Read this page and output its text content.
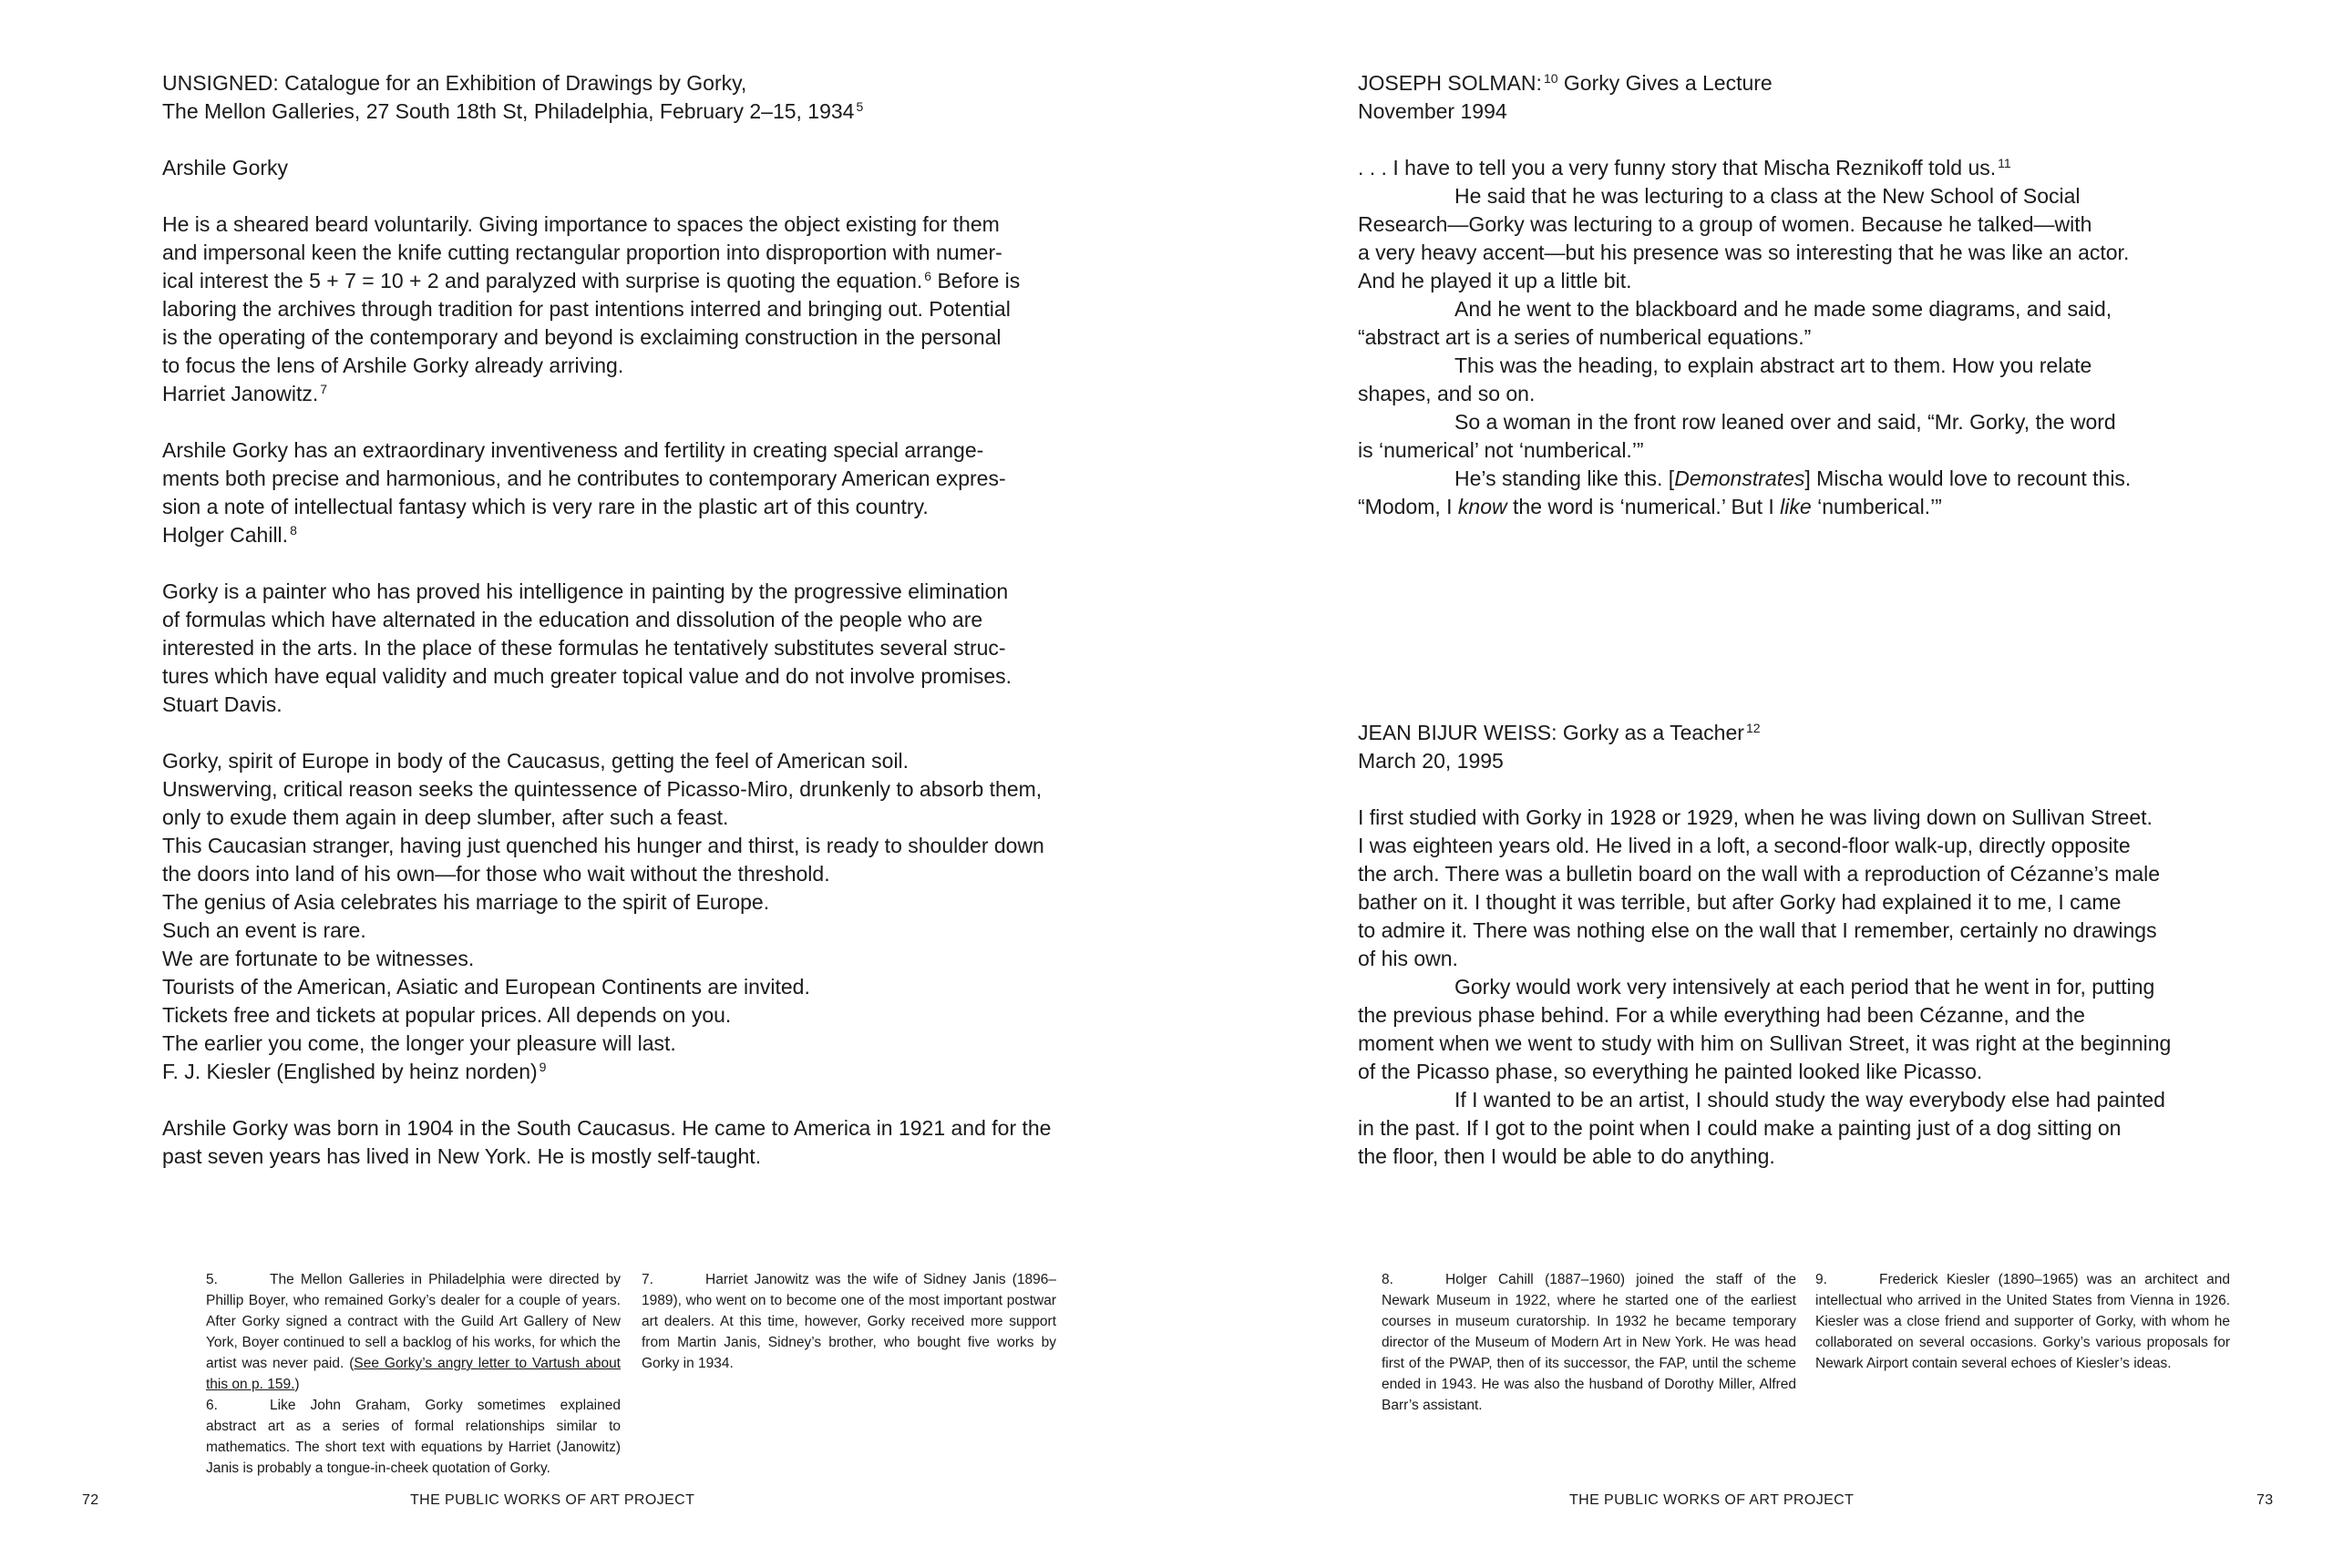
UNSIGNED: Catalogue for an Exhibition of Drawings by Gorky,
The Mellon Galleries, 27 South 18th St, Philadelphia, February 2–15, 1934 $^5$
Arshile Gorky
He is a sheared beard voluntarily. Giving importance to spaces the object existing for them
and impersonal keen the knife cutting rectangular proportion into disproportion with numer-
ical interest the 5 + 7 = 10 + 2 and paralyzed with surprise is quoting the equation. $^6$ Before is
laboring the archives through tradition for past intentions interred and bringing out. Potential
is the operating of the contemporary and beyond is exclaiming construction in the personal
to focus the lens of Arshile Gorky already arriving.
Harriet Janowitz. $^7$
Arshile Gorky has an extraordinary inventiveness and fertility in creating special arrange-
ments both precise and harmonious, and he contributes to contemporary American expres-
sion a note of intellectual fantasy which is very rare in the plastic art of this country.
Holger Cahill. $^8$
Gorky is a painter who has proved his intelligence in painting by the progressive elimination
of formulas which have alternated in the education and dissolution of the people who are
interested in the arts. In the place of these formulas he tentatively substitutes several struc-
tures which have equal validity and much greater topical value and do not involve promises.
Stuart Davis.
Gorky, spirit of Europe in body of the Caucasus, getting the feel of American soil.
Unswerving, critical reason seeks the quintessence of Picasso-Miro, drunkenly to absorb them,
only to exude them again in deep slumber, after such a feast.
This Caucasian stranger, having just quenched his hunger and thirst, is ready to shoulder down
the doors into land of his own—for those who wait without the threshold.
The genius of Asia celebrates his marriage to the spirit of Europe.
Such an event is rare.
We are fortunate to be witnesses.
Tourists of the American, Asiatic and European Continents are invited.
Tickets free and tickets at popular prices. All depends on you.
The earlier you come, the longer your pleasure will last.
F. J. Kiesler (Englished by heinz norden) $^9$
Arshile Gorky was born in 1904 in the South Caucasus. He came to America in 1921 and for the
past seven years has lived in New York. He is mostly self-taught.

5.	The Mellon Galleries in Philadelphia were directed by Phillip Boyer, who remained Gorky’s dealer for a couple of years. After Gorky signed a contract with the Guild Art Gallery of New York, Boyer continued to sell a backlog of his works, for which the artist was never paid. (See Gorky’s angry letter to Vartush about this on p. 159.)

6.	Like John Graham, Gorky sometimes explained abstract art as a series of formal relationships similar to mathematics. The short text with equations by Harriet (Janowitz) Janis is probably a tongue-in-cheek quotation of Gorky.

7.	Harriet Janowitz was the wife of Sidney Janis (1896–1989), who went on to become one of the most important postwar art dealers. At this time, however, Gorky received more support from Martin Janis, Sidney’s brother, who bought five works by Gorky in 1934.

72	THE PUBLIC WORKS OF ART PROJECT
JOSEPH SOLMAN: $^{10}$ Gorky Gives a Lecture
November 1994
. . . I have to tell you a very funny story that Mischa Reznikoff told us. $^{11}$
He said that he was lecturing to a class at the New School of Social
Research—Gorky was lecturing to a group of women. Because he talked—with
a very heavy accent—but his presence was so interesting that he was like an actor.
And he played it up a little bit.
And he went to the blackboard and he made some diagrams, and said,
“abstract art is a series of numberical equations.”
This was the heading, to explain abstract art to them. How you relate
shapes, and so on.
So a woman in the front row leaned over and said, “Mr. Gorky, the word
is ‘numerical’ not ‘numberical.’”
He’s standing like this. [Demonstrates] Mischa would love to recount this.
“Modom, I know the word is ‘numerical.’ But I like ‘numberical.’”
JEAN BIJUR WEISS: Gorky as a Teacher $^{12}$
March 20, 1995
I first studied with Gorky in 1928 or 1929, when he was living down on Sullivan Street.
I was eighteen years old. He lived in a loft, a second-floor walk-up, directly opposite
the arch. There was a bulletin board on the wall with a reproduction of Cézanne’s male
bather on it. I thought it was terrible, but after Gorky had explained it to me, I came
to admire it. There was nothing else on the wall that I remember, certainly no drawings
of his own.
Gorky would work very intensively at each period that he went in for, putting
the previous phase behind. For a while everything had been Cézanne, and the
moment when we went to study with him on Sullivan Street, it was right at the beginning
of the Picasso phase, so everything he painted looked like Picasso.
If I wanted to be an artist, I should study the way everybody else had painted
in the past. If I got to the point when I could make a painting just of a dog sitting on
the floor, then I would be able to do anything.

8.	Holger Cahill (1887–1960) joined the staff of the Newark Museum in 1922, where he started one of the earliest courses in museum curatorship. In 1932 he became temporary director of the Museum of Modern Art in New York. He was head first of the PWAP, then of its successor, the FAP, until the scheme ended in 1943. He was also the husband of Dorothy Miller, Alfred Barr’s assistant.

9.	Frederick Kiesler (1890–1965) was an architect and intellectual who arrived in the United States from Vienna in 1926. Kiesler was a close friend and supporter of Gorky, with whom he collaborated on several occasions. Gorky’s various proposals for Newark Airport contain several echoes of Kiesler’s ideas.

THE PUBLIC WORKS OF ART PROJECT	73
